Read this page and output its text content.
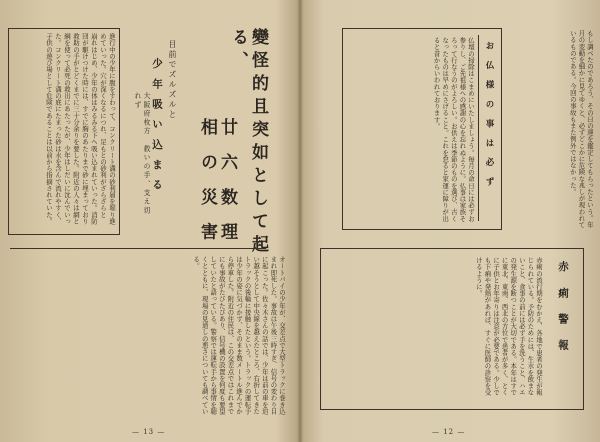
進行中の少年に腹をすわって、コンクリート溝の砂利層を堀り進
めていった。穴が深くなるにつれ、足もとの砂利がざらざらと
崩れはじめ、少年の体はみるみる下へ吸い込まれていった。消防
団が駆けつけた時には、すでに胸のあたりまで砂に埋まっており
救助の手がとどくまでに三十分余りを要した。附近の人々は網と
綱を使って必死の救出にあたったが、少年はしだいに沈んでいっ
た。コンクリート溝の底にたまった砂は水を含んで流れやすく、
子供の遊び場として危険であることは以前から指摘されていた。	目前でズルズルと
少 年 吸 い 込 ま る
大阪府枚方　救いの手、支え切れず	變怪的且突如として起る、
廿 六 数 理 相 の 災 害
オートバイの少年が、交差点で大型トラックに巻き込まれ即死した。事故は午後三時すぎ、信号の変わり目に起こった。佐々木さんの話では、少年は前の車を追い越そうとして中央線を越えたところ、右折してきたトラックの後輪に接触したという。トラックの運転手は少年の姿に気づかず、そのまま数メートル進んでから停車した。附近の住民は、この交差点ではこれまでにも事故がたびたびあり、信号機の設置を何度も要望していたと語っている。警察では運転手から事情を聴くとともに、現場の見通しの悪さについても調べている。
— 13 —
もし調べたのであろう、その日の運を鑑定してもらったという。年月の変動を細かに見てゆくと、必ずどこかに危険な兆しが現われているものである。今回の事故もまた例外ではなかった。
お 仏 様 の 事 は 必 ず
仏壇の掃除はこまめにいたしましょう。毎月の命日には必ずお参りし、ご先祖様への感謝の心を忘れぬように。仏事は家族そろって行なうのがよろしい。お供えは季節のものを選び、古くなったものは早めにさげること。これを怠ると家運に障りが出ると昔からいわれております。
赤 痢 警 報
赤痢の流行期をむかえ、各地で患者の発生が報じられている。予防のためには、生水を飲まないこと、食事の前には必ず手を洗うこと、ハエの発生源を断つことが大切である。本年はすでに東北、東南、西北の方位で患者が多く、とくに子供とお年寄りは注意が必要である。少しでも下痢や発熱があれば、すぐに医師の診察を受けるように。
— 12 —
